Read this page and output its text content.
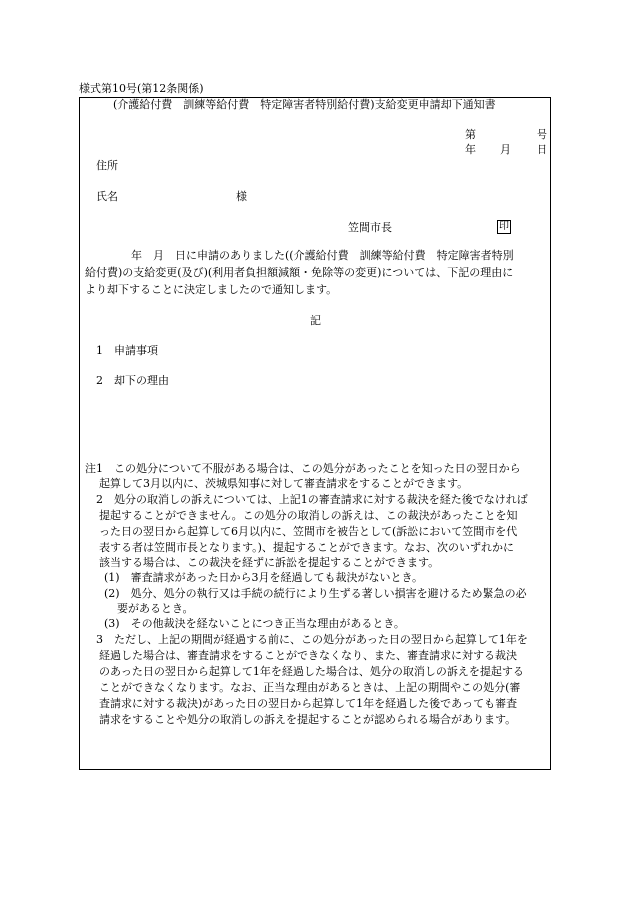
様式第10号(第12条関係)
(介護給付費　訓練等給付費　特定障害者特別給付費)支給変更申請却下通知書
第	号
年 月 日
住所
氏名	様
笠間市長	印
年　月　日に申請のありました((介護給付費　訓練等給付費　特定障害者特別
給付費)の支給変更(及び)(利用者負担額減額・免除等の変更)については、下記の理由に
より却下することに決定しましたので通知します。
記
1　申請事項
2　却下の理由
注1　この処分について不服がある場合は、この処分があったことを知った日の翌日から
起算して3月以内に、茨城県知事に対して審査請求をすることができます。
2　処分の取消しの訴えについては、上記1の審査請求に対する裁決を経た後でなければ
提起することができません。この処分の取消しの訴えは、この裁決があったことを知
った日の翌日から起算して6月以内に、笠間市を被告として(訴訟において笠間市を代
表する者は笠間市長となります。)、提起することができます。なお、次のいずれかに
該当する場合は、この裁決を経ずに訴訟を提起することができます。
(1)　審査請求があった日から3月を経過しても裁決がないとき。
(2)　処分、処分の執行又は手続の続行により生ずる著しい損害を避けるため緊急の必
要があるとき。
(3)　その他裁決を経ないことにつき正当な理由があるとき。
3　ただし、上記の期間が経過する前に、この処分があった日の翌日から起算して1年を
経過した場合は、審査請求をすることができなくなり、また、審査請求に対する裁決
のあった日の翌日から起算して1年を経過した場合は、処分の取消しの訴えを提起する
ことができなくなります。なお、正当な理由があるときは、上記の期間やこの処分(審
査請求に対する裁決)があった日の翌日から起算して1年を経過した後であっても審査
請求をすることや処分の取消しの訴えを提起することが認められる場合があります。
